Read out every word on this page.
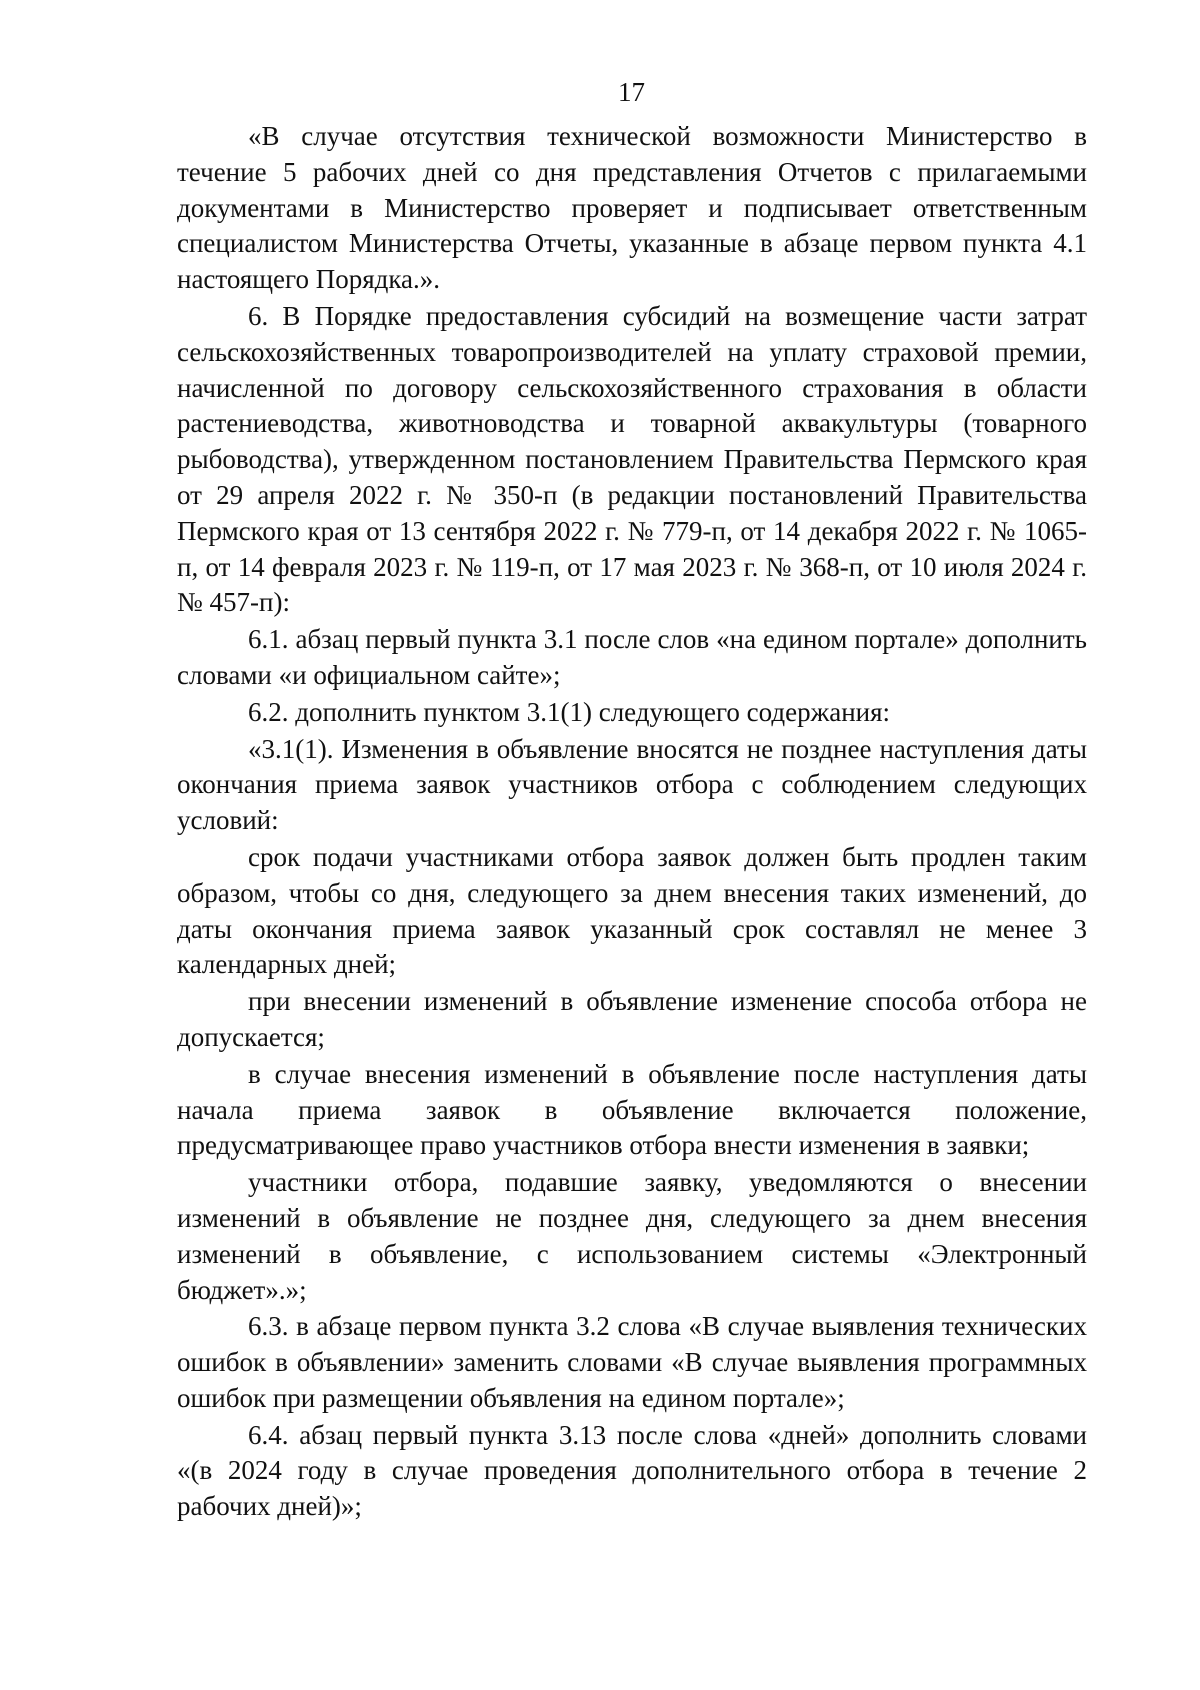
17

«В случае отсутствия технической возможности Министерство в течение 5 рабочих дней со дня представления Отчетов с прилагаемыми документами в Министерство проверяет и подписывает ответственным специалистом Министерства Отчеты, указанные в абзаце первом пункта 4.1 настоящего Порядка.».

6. В Порядке предоставления субсидий на возмещение части затрат сельскохозяйственных товаропроизводителей на уплату страховой премии, начисленной по договору сельскохозяйственного страхования в области растениеводства, животноводства и товарной аквакультуры (товарного рыбоводства), утвержденном постановлением Правительства Пермского края от 29 апреля 2022 г. № 350-п (в редакции постановлений Правительства Пермского края от 13 сентября 2022 г. № 779-п, от 14 декабря 2022 г. № 1065-п, от 14 февраля 2023 г. № 119-п, от 17 мая 2023 г. № 368-п, от 10 июля 2024 г. № 457-п):

6.1. абзац первый пункта 3.1 после слов «на едином портале» дополнить словами «и официальном сайте»;

6.2. дополнить пунктом 3.1(1) следующего содержания:

«3.1(1). Изменения в объявление вносятся не позднее наступления даты окончания приема заявок участников отбора с соблюдением следующих условий:

срок подачи участниками отбора заявок должен быть продлен таким образом, чтобы со дня, следующего за днем внесения таких изменений, до даты окончания приема заявок указанный срок составлял не менее 3 календарных дней;

при внесении изменений в объявление изменение способа отбора не допускается;

в случае внесения изменений в объявление после наступления даты начала приема заявок в объявление включается положение, предусматривающее право участников отбора внести изменения в заявки;

участники отбора, подавшие заявку, уведомляются о внесении изменений в объявление не позднее дня, следующего за днем внесения изменений в объявление, с использованием системы «Электронный бюджет».»;

6.3. в абзаце первом пункта 3.2 слова «В случае выявления технических ошибок в объявлении» заменить словами «В случае выявления программных ошибок при размещении объявления на едином портале»;

6.4. абзац первый пункта 3.13 после слова «дней» дополнить словами «(в 2024 году в случае проведения дополнительного отбора в течение 2 рабочих дней)»;
